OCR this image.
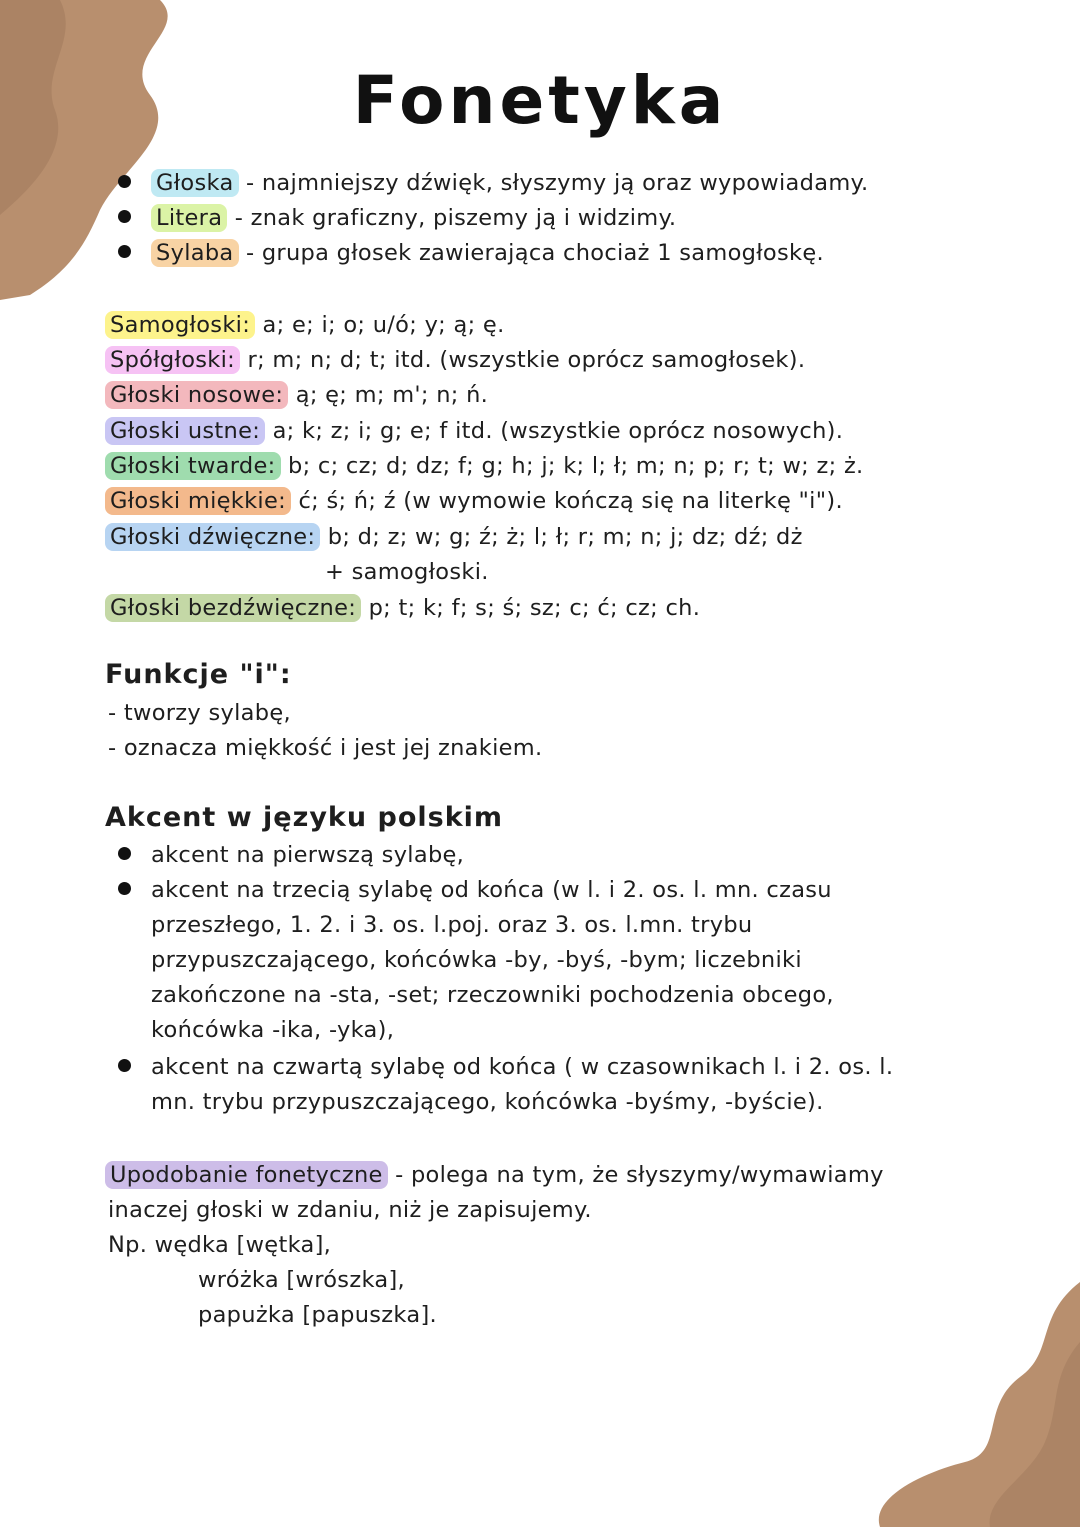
Fonetyka
Głoska - najmniejszy dźwięk, słyszymy ją oraz wypowiadamy.
Litera - znak graficzny, piszemy ją i widzimy.
Sylaba - grupa głosek zawierająca chociaż 1 samogłoskę.
Samogłoski: a; e; i; o; u/ó; y; ą; ę.
Spółgłoski: r; m; n; d; t; itd. (wszystkie oprócz samogłosek).
Głoski nosowe: ą; ę; m; m'; n; ń.
Głoski ustne: a; k; z; i; g; e; f itd. (wszystkie oprócz nosowych).
Głoski twarde: b; c; cz; d; dz; f; g; h; j; k; l; ł; m; n; p; r; t; w; z; ż.
Głoski miękkie: ć; ś; ń; ź (w wymowie kończą się na literkę "i").
Głoski dźwięczne: b; d; z; w; g; ź; ż; l; ł; r; m; n; j; dz; dź; dż
+ samogłoski.
Głoski bezdźwięczne: p; t; k; f; s; ś; sz; c; ć; cz; ch.
Funkcje "i":
- tworzy sylabę,
- oznacza miękkość i jest jej znakiem.
Akcent w języku polskim
akcent na pierwszą sylabę,
akcent na trzecią sylabę od końca (w l. i 2. os. l. mn. czasu
przeszłego, 1. 2. i 3. os. l.poj. oraz 3. os. l.mn. trybu
przypuszczającego, końcówka -by, -byś, -bym; liczebniki
zakończone na -sta, -set; rzeczowniki pochodzenia obcego,
końcówka -ika, -yka),
akcent na czwartą sylabę od końca ( w czasownikach l. i 2. os. l.
mn. trybu przypuszczającego, końcówka -byśmy, -byście).
Upodobanie fonetyczne - polega na tym, że słyszymy/wymawiamy
inaczej głoski w zdaniu, niż je zapisujemy.
Np. wędka [wętka],
wróżka [wrószka],
papużka [papuszka].
